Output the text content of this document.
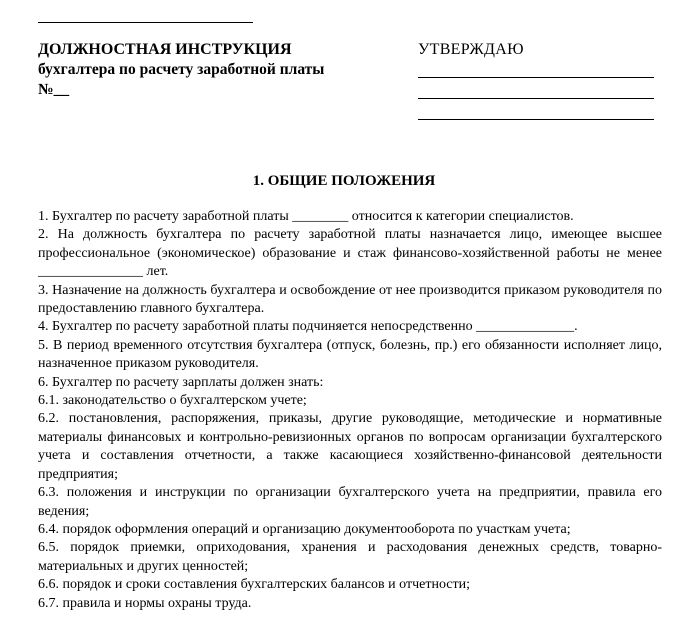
ДОЛЖНОСТНАЯ ИНСТРУКЦИЯ
бухгалтера по расчету заработной платы
№__
УТВЕРЖДАЮ
1. ОБЩИЕ ПОЛОЖЕНИЯ

1. Бухгалтер по расчету заработной платы ________ относится к категории специалистов.

2. На должность бухгалтера по расчету заработной платы назначается лицо, имеющее высшее профессиональное (экономическое) образование и стаж финансово-хозяйственной работы не менее _______________ лет.

3. Назначение на должность бухгалтера и освобождение от нее производится приказом руководителя по предоставлению главного бухгалтера.

4. Бухгалтер по расчету заработной платы подчиняется непосредственно ______________.

5. В период временного отсутствия бухгалтера (отпуск, болезнь, пр.) его обязанности исполняет лицо, назначенное приказом руководителя.

6. Бухгалтер по расчету зарплаты должен знать:

6.1. законодательство о бухгалтерском учете;

6.2. постановления, распоряжения, приказы, другие руководящие, методические и нормативные материалы финансовых и контрольно-ревизионных органов по вопросам организации бухгалтерского учета и составления отчетности, а также касающиеся хозяйственно-финансовой деятельности предприятия;

6.3. положения и инструкции по организации бухгалтерского учета на предприятии, правила его ведения;

6.4. порядок оформления операций и организацию документооборота по участкам учета;

6.5. порядок приемки, оприходования, хранения и расходования денежных средств, товарно-материальных и других ценностей;

6.6. порядок и сроки составления бухгалтерских балансов и отчетности;

6.7. правила и нормы охраны труда.
